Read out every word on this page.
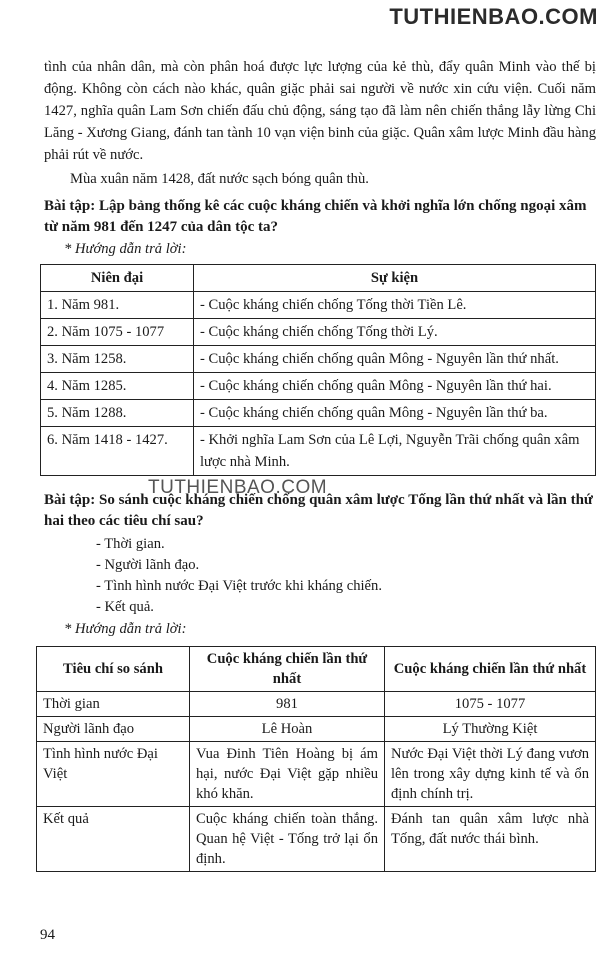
TUTHIENBAO.COM

tình của nhân dân, mà còn phân hoá được lực lượng của kẻ thù, đẩy quân Minh vào thế bị động. Không còn cách nào khác, quân giặc phải sai người về nước xin cứu viện. Cuối năm 1427, nghĩa quân Lam Sơn chiến đấu chủ động, sáng tạo đã làm nên chiến thắng lẫy lừng Chi Lăng - Xương Giang, đánh tan tành 10 vạn viện binh của giặc. Quân xâm lược Minh đầu hàng phải rút về nước.

Mùa xuân năm 1428, đất nước sạch bóng quân thù.

Bài tập: Lập bảng thống kê các cuộc kháng chiến và khởi nghĩa lớn chống ngoại xâm từ năm 981 đến 1247 của dân tộc ta?

* Hướng dẫn trả lời:
Niên đại	Sự kiện
1. Năm 981.	- Cuộc kháng chiến chống Tống thời Tiền Lê.
2. Năm 1075 - 1077	- Cuộc kháng chiến chống Tống thời Lý.
3. Năm 1258.	- Cuộc kháng chiến chống quân Mông - Nguyên lần thứ nhất.
4. Năm 1285.	- Cuộc kháng chiến chống quân Mông - Nguyên lần thứ hai.
5. Năm 1288.	- Cuộc kháng chiến chống quân Mông - Nguyên lần thứ ba.
6. Năm 1418 - 1427.	- Khởi nghĩa Lam Sơn của Lê Lợi, Nguyễn Trãi chống quân xâm lược nhà Minh.

Bài tập: So sánh cuộc kháng chiến chống quân xâm lược Tống lần thứ nhất và lần thứ hai theo các tiêu chí sau?

- Thời gian.
- Người lãnh đạo.
- Tình hình nước Đại Việt trước khi kháng chiến.
- Kết quả.
* Hướng dẫn trả lời:
Tiêu chí so sánh	Cuộc kháng chiến lần thứ nhất	Cuộc kháng chiến lần thứ nhất
Thời gian	981	1075 - 1077
Người lãnh đạo	Lê Hoàn	Lý Thường Kiệt
Tình hình nước Đại Việt	Vua Đinh Tiên Hoàng bị ám hại, nước Đại Việt gặp nhiều khó khăn.	Nước Đại Việt thời Lý đang vươn lên trong xây dựng kinh tế và ổn định chính trị.
Kết quả	Cuộc kháng chiến toàn thắng. Quan hệ Việt - Tống trở lại ổn định.	Đánh tan quân xâm lược nhà Tống, đất nước thái bình.
TUTHIENBAO.COM
94
